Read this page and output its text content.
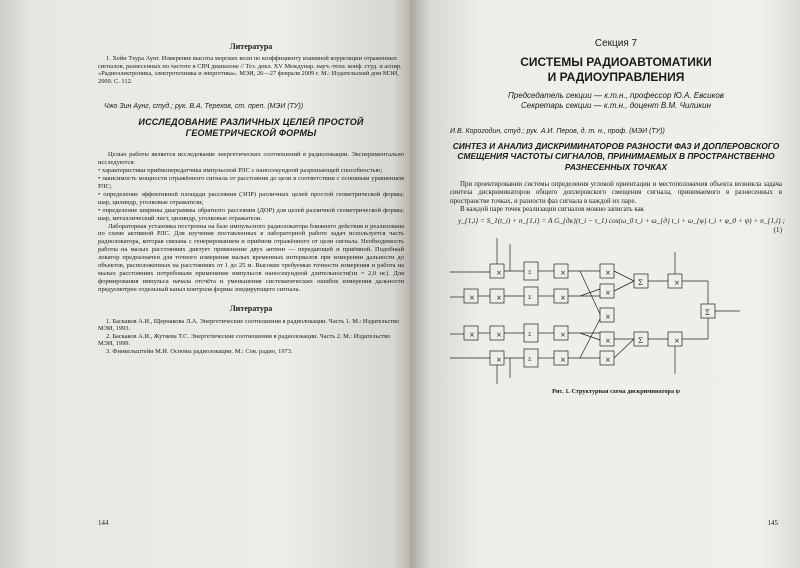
Литература

1. Хейн Тхура Аунг. Измерение высоты морских волн по коэффициенту взаимной корреляции отраженных сигналов, разнесенных по частоте в СВЧ диапазоне // Тез. докл. XV Междунар. науч.-техн. конф. студ. и аспир. «Радиоэлектроника, электротехника и энергетика». МЭИ, 26—27 февраля 2009 г. М.: Издательский дом МЭИ, 2009. С. 112.

Чжо Зин Аунг, студ.; рук. В.А. Терехов, ст. преп. (МЭИ (ТУ))

ИССЛЕДОВАНИЕ РАЗЛИЧНЫХ ЦЕЛЕЙ ПРОСТОЙ ГЕОМЕТРИЧЕСКОЙ ФОРМЫ

Целью работы является исследование энергетических соотношений в радиолокации. Экспериментально исследуются:

• характеристики приёмопередатчика импульсной РЛС с наносекундной разрешающей способностью;

• зависимость мощности отражённого сигнала от расстояния до цели в соответствии с основным уравнением РЛС;

• определение эффективной площади рассеяния (ЭПР) различных целей простой геометрической формы: шар, цилиндр, уголковые отражатели;

• определение ширины диаграммы обратного рассеяния (ДОР) для целей различной геометрической формы: шар, металлический лист, цилиндр, уголковые отражатели.

Лабораторная установка построена на базе импульсного радиолокатора ближнего действия и реализована по схеме активной РЛС. Для изучения поставленных в лабораторной работе задач используется часть радиолокатора, которая связана с генерированием и приёмом отражённого от цели сигнала. Необходимость работы на малых расстояниях диктует применение двух антенн — передающей и приёмной. Подобный локатор предназначен для точного измерения малых временных интервалов при измерении дальности до объектов, расположенных на расстояниях от 1 до 25 м. Высокие требуемые точности измерения и работа на малых расстояниях потребовали применение импульсов наносекундной длительности(τи = 2,0 нс). Для формирования импульса начала отсчёта и уменьшения систематических ошибок измерения дальности предусмотрен отдельный канал контроля формы зондирующего сигнала.

Литература

1. Баскаков А.И., Щернакова Л.А. Энергетические соотношения в радиолокации. Часть 1. М.: Издательство МЭИ, 1993.

2. Баскаков А.И., Жутяева Т.С. Энергетические соотношения в радиолокации. Часть 2. М.: Издательство МЭИ, 1999.

3. Финкельштейн М.И. Основы радиолокации. М.: Сов. радио, 1973.

144

Секция 7

СИСТЕМЫ РАДИОАВТОМАТИКИ
И РАДИОУПРАВЛЕНИЯ

Председатель секции — к.т.н., профессор Ю.А. Евсиков

Секретарь секции — к.т.н., доцент В.М. Чиликин

И.В. Корогодин, студ.; рук. А.И. Перов, д. т. н., проф. (МЭИ (ТУ))

СИНТЕЗ И АНАЛИЗ ДИСКРИМИНАТОРОВ РАЗНОСТИ ФАЗ И ДОПЛЕРОВСКОГО СМЕЩЕНИЯ ЧАСТОТЫ СИГНАЛОВ, ПРИНИМАЕМЫХ В ПРОСТРАНСТВЕННО РАЗНЕСЕННЫХ ТОЧКАХ

При проектировании системы определения угловой ориентации и местоположения объекта возникла задача синтеза дискриминаторов общего доплеровского смещения сигнала, принимаемого в разнесенных в пространстве точках, и разности фаз сигнала в каждой их паре.

В каждой паре точек реализации сигналов можно записать как

y_{1,i} = S_1(t_i) + n_{1,i} = A G_{дк}(t_i − τ_1) cos(ω_0 t_i + ω_{д} t_i + ω_{φ} t_i + φ_0 + ψ) + n_{1,i} ;
(1)

×
×
×
×
×
×
×
×
×
×
×
×
×
×
×
×
×
Σ
Σ
Σ
Σ
Σ
Σ
Σ

Рис. 1. Структурная схема дискриминатора ψ

145
